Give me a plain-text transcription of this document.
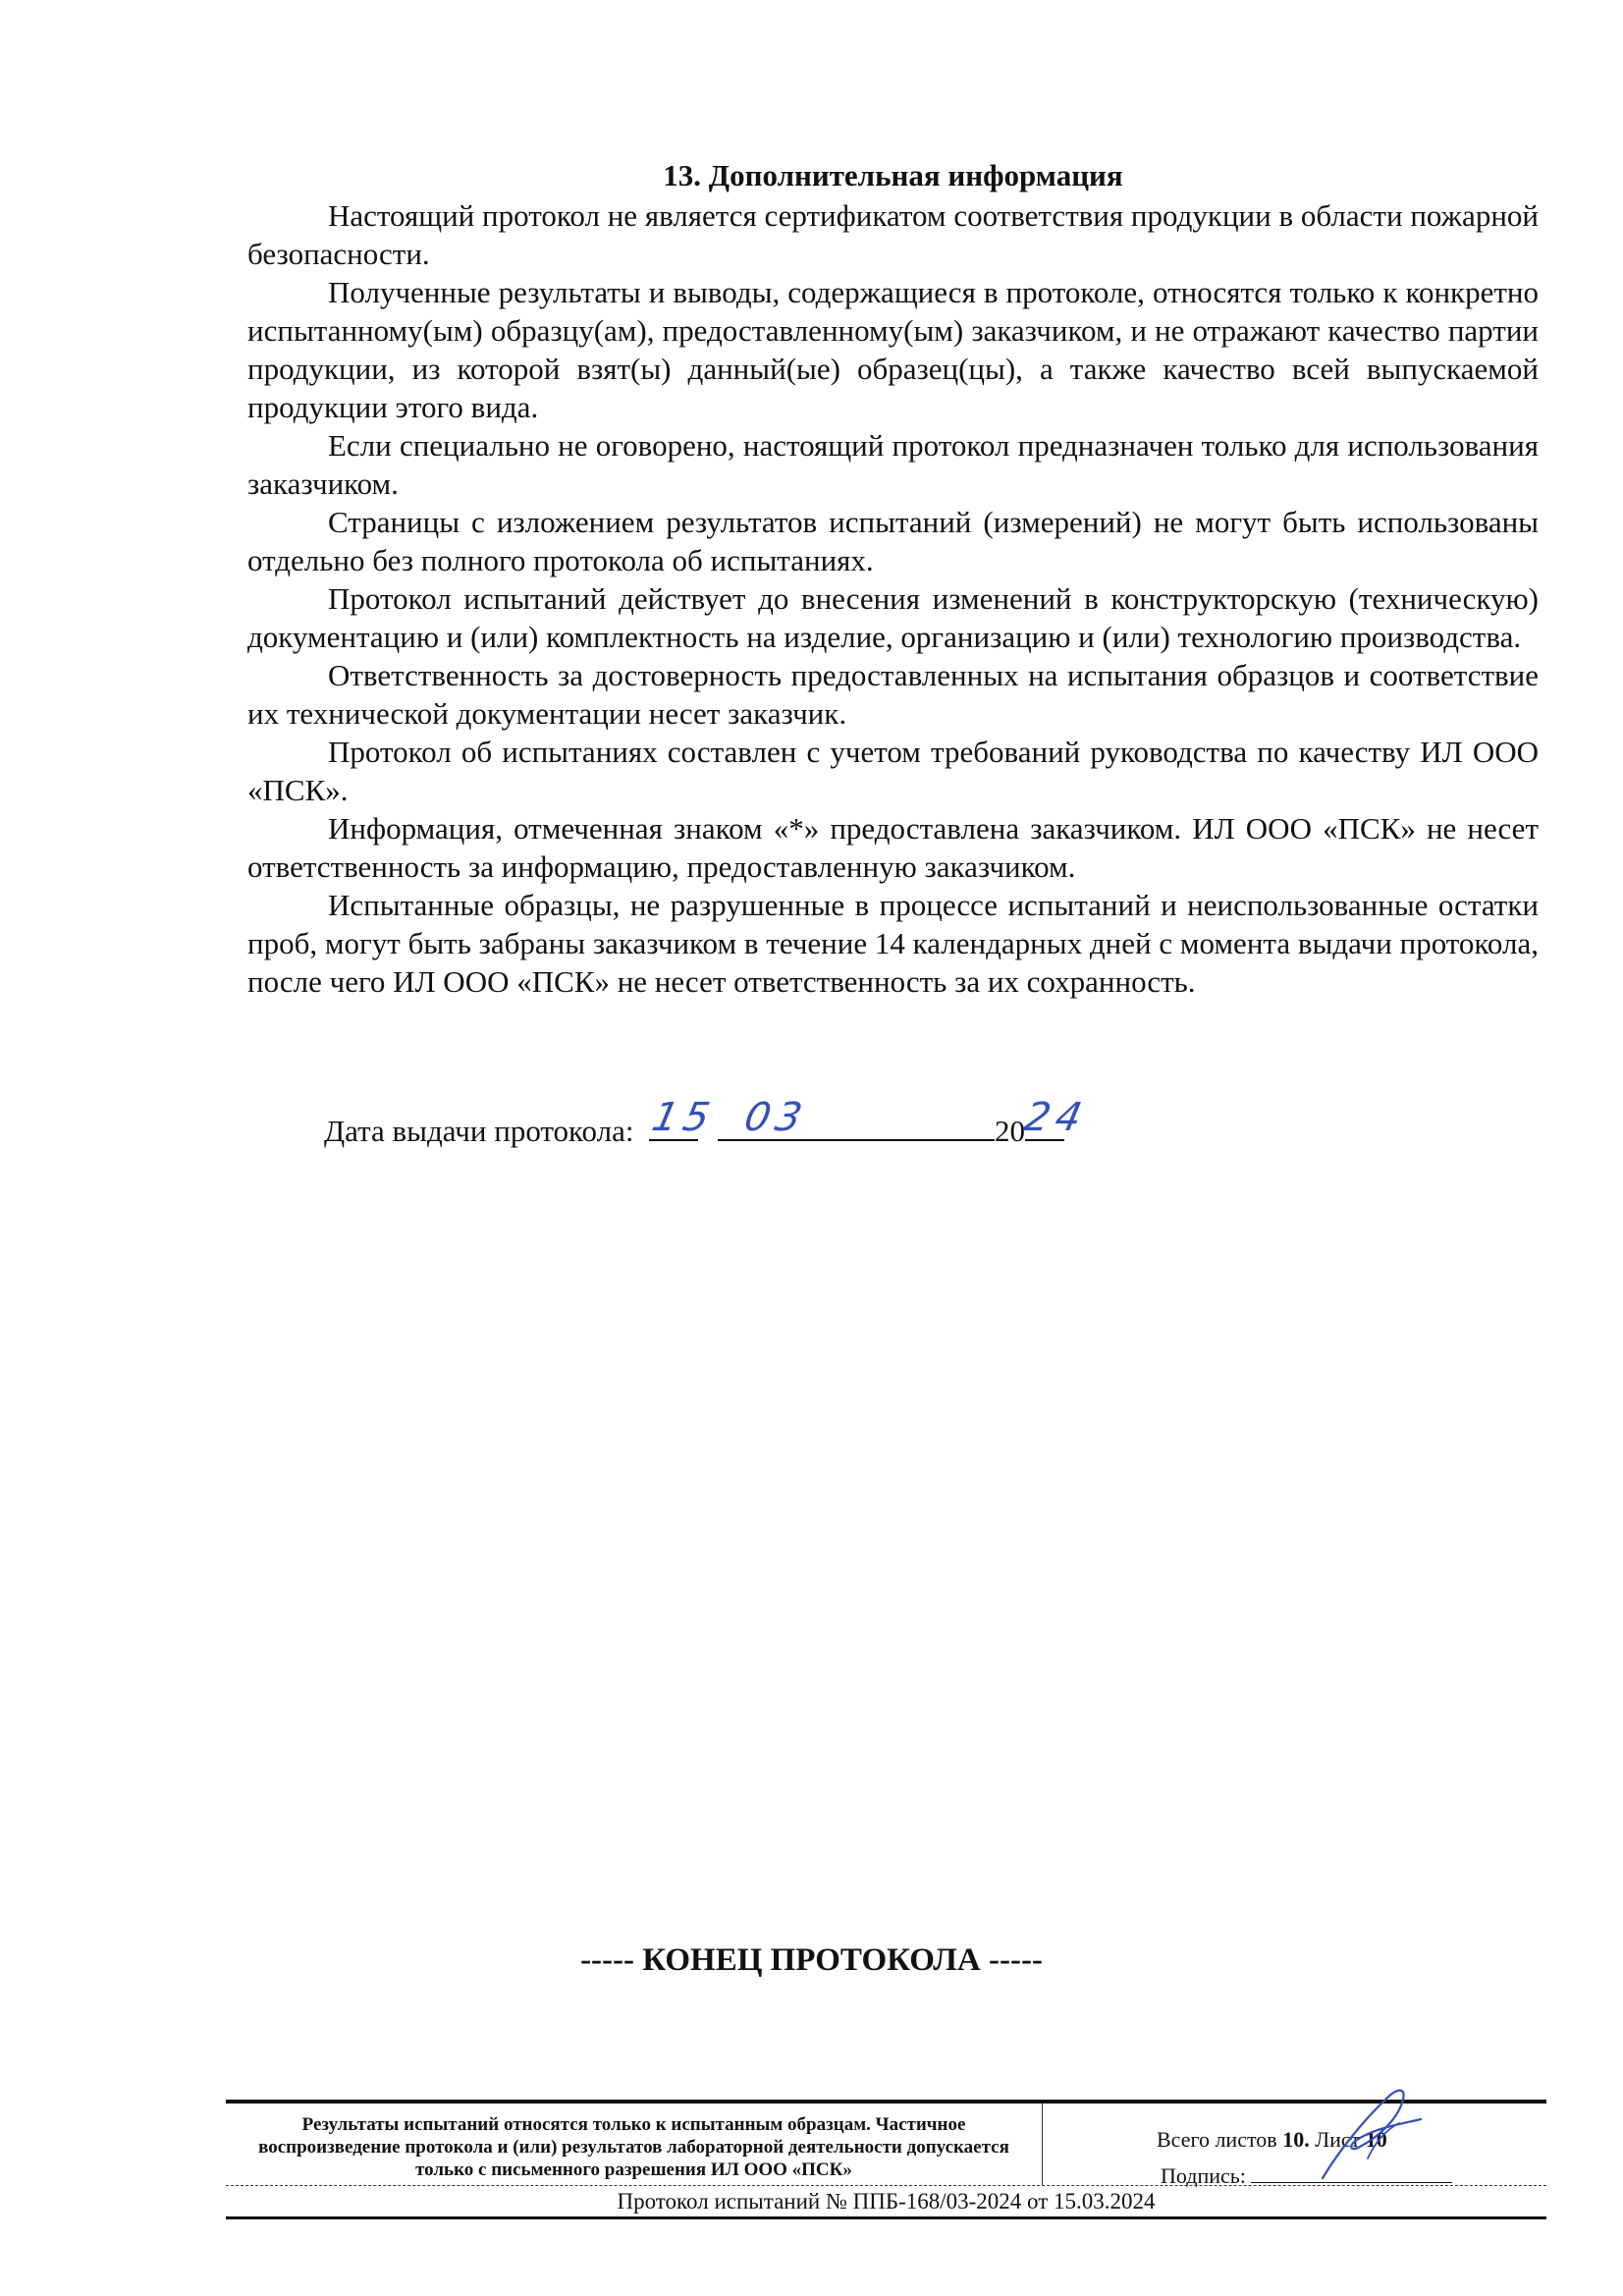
13. Дополнительная информация

Настоящий протокол не является сертификатом соответствия продукции в области пожарной безопасности.

Полученные результаты и выводы, содержащиеся в протоколе, относятся только к конкретно испытанному(ым) образцу(ам), предоставленному(ым) заказчиком, и не отражают качество партии продукции, из которой взят(ы) данный(ые) образец(цы), а также качество всей выпускаемой продукции этого вида.

Если специально не оговорено, настоящий протокол предназначен только для использования заказчиком.

Страницы с изложением результатов испытаний (измерений) не могут быть использованы отдельно без полного протокола об испытаниях.

Протокол испытаний действует до внесения изменений в конструкторскую (техническую) документацию и (или) комплектность на изделие, организацию и (или) технологию производства.

Ответственность за достоверность предоставленных на испытания образцов и соответствие их технической документации несет заказчик.

Протокол об испытаниях составлен с учетом требований руководства по качеству ИЛ ООО «ПСК».

Информация, отмеченная знаком «*» предоставлена заказчиком. ИЛ ООО «ПСК» не несет ответственность за информацию, предоставленную заказчиком.

Испытанные образцы, не разрушенные в процессе испытаний и неиспользованные остатки проб, могут быть забраны заказчиком в течение 14 календарных дней с момента выдачи протокола, после чего ИЛ ООО «ПСК» не несет ответственность за их сохранность.

Дата выдачи протокола: 15
03	20
24
----- КОНЕЦ ПРОТОКОЛА -----
Результаты испытаний относятся только к испытанным образцам. Частичное воспроизведение протокола и (или) результатов лабораторной деятельности допускается только с письменного разрешения ИЛ ООО «ПСК»
Всего листов 10. Лист 10
Подпись:
Протокол испытаний № ППБ-168/03-2024 от 15.03.2024
